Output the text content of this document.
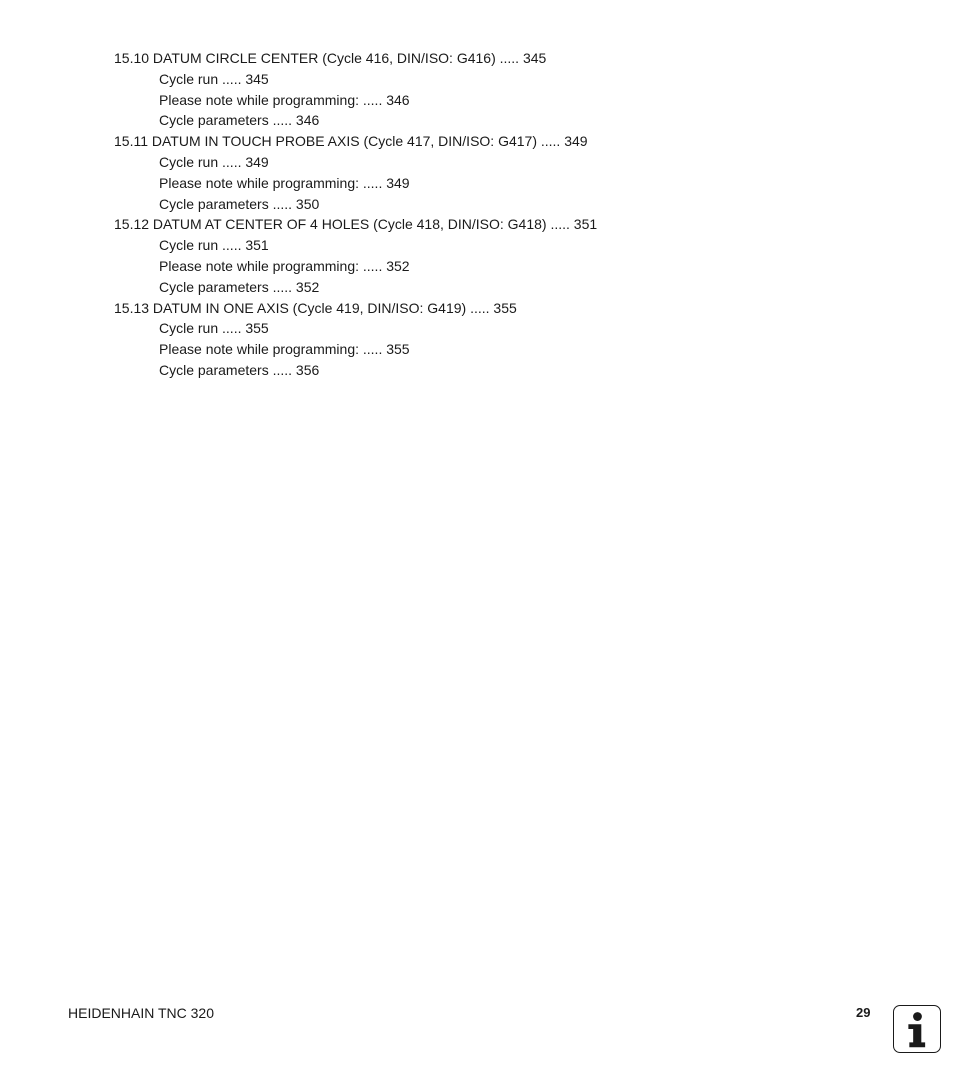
15.10 DATUM CIRCLE CENTER (Cycle 416, DIN/ISO: G416) ..... 345
Cycle run ..... 345
Please note while programming: ..... 346
Cycle parameters ..... 346
15.11 DATUM IN TOUCH PROBE AXIS (Cycle 417, DIN/ISO: G417) ..... 349
Cycle run ..... 349
Please note while programming: ..... 349
Cycle parameters ..... 350
15.12 DATUM AT CENTER OF 4 HOLES (Cycle 418, DIN/ISO: G418) ..... 351
Cycle run ..... 351
Please note while programming: ..... 352
Cycle parameters ..... 352
15.13 DATUM IN ONE AXIS (Cycle 419, DIN/ISO: G419) ..... 355
Cycle run ..... 355
Please note while programming: ..... 355
Cycle parameters ..... 356
HEIDENHAIN TNC 320	29
